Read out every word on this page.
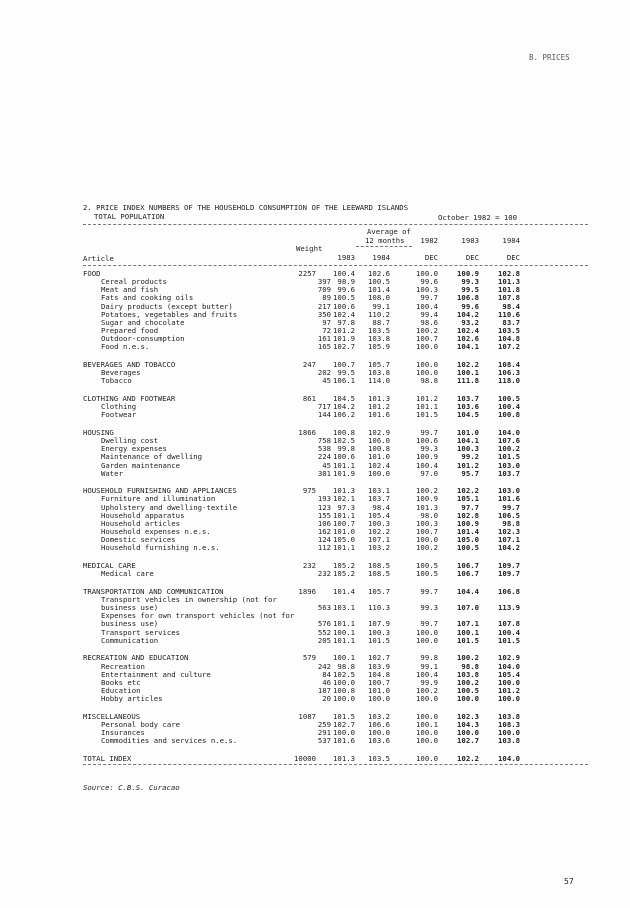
B. PRICES
2. PRICE INDEX NUMBERS OF THE HOUSEHOLD CONSUMPTION OF THE LEEWARD ISLANDS
TOTAL POPULATION	October 1982 = 100
Average of
12 months
Weight
1982	1983	1984
Article	1983 1984	DEC	DEC	DEC
FOOD	2257 100.4 102.6	100.0	100.9	102.8
Cereal products	397 98.9 100.5	99.6	99.3	101.3
Meat and fish	709 99.6 101.4	100.3	99.5	101.8
Fats and cooking oils	89 100.5 108.0	99.7	106.8	107.8
Dairy products (except butter)	217 100.6 99.1	100.4	99.6	98.4
Potatoes, vegetables and fruits	350 102.4 110.2	99.4	104.2	110.6
Sugar and chocolate	97 97.8 88.7	98.6	93.2	83.7
Prepared food	72 101.2 103.5	100.2	102.4	103.5
Outdoor-consumption	161 101.9 103.8	100.7	102.6	104.8
Food n.e.s.	165 102.7 105.9	100.0	104.1	107.2
BEVERAGES AND TOBACCO	247 100.7 105.7	100.0	102.2	108.4
Beverages	202 99.5 103.8	100.0	100.1	106.3
Tobacco	45 106.1 114.0	98.8	111.8	118.0
CLOTHING AND FOOTWEAR	861 104.5 101.3	101.2	103.7	100.5
Clothing	717 104.2 101.2	101.1	103.6	100.4
Footwear	144 106.2 101.6	101.5	104.5	100.8
HOUSING	1866 100.8 102.9	99.7	101.0	104.0
Dwelling cost	758 102.5 106.0	100.6	104.1	107.6
Energy expenses	538 99.8 100.8	99.3	100.3	100.2
Maintenance of dwelling	224 100.6 101.0	100.9	99.2	101.5
Garden maintenance	45 101.1 102.4	100.4	101.2	103.0
Water	301 101.9 100.0	97.0	95.7	103.7
HOUSEHOLD FURNISHING AND APPLIANCES	975 101.3 103.1	100.2	102.2	103.0
Furniture and illumination	193 102.1 103.7	100.9	105.1	101.6
Upholstery and dwelling-textile	123 97.3 98.4	101.3	97.7	99.7
Household apparatus	155 101.1 105.4	98.0	102.8	106.5
Household articles	106 100.7 100.3	100.3	100.9	98.8
Household expenses n.e.s.	162 101.0 102.2	100.7	101.4	102.3
Domestic services	124 105.0 107.1	100.0	105.0	107.1
Household furnishing n.e.s.	112 101.1 103.2	100.2	100.5	104.2
MEDICAL CARE	232 105.2 108.5	100.5	106.7	109.7
Medical care	232 105.2 108.5	100.5	106.7	109.7
TRANSPORTATION AND COMMUNICATION	1896 101.4 105.7	99.7	104.4	106.8
Transport vehicles in ownership (not for
business use)	563 103.1 110.3	99.3	107.0	113.9
Expenses for own transport vehicles (not for
business use)	576 101.1 107.9	99.7	107.1	107.8
Transport services	552 100.1 100.3	100.0	100.1	100.4
Communication	205 101.1 101.5	100.0	101.5	101.5
RECREATION AND EDUCATION	579 100.1 102.7	99.8	100.2	102.9
Recreation	242 98.8 103.9	99.1	98.8	104.0
Entertainment and culture	84 102.5 104.8	100.4	103.8	105.4
Books etc	46 100.0 100.7	99.9	100.2	100.0
Education	187 100.8 101.0	100.2	100.5	101.2
Hobby articles	20 100.0 100.0	100.0	100.0	100.0
MISCELLANEOUS	1087 101.5 103.2	100.0	102.3	103.8
Personal body care	259 102.7 106.6	100.1	104.3	108.3
Insurances	291 100.0 100.0	100.0	100.0	100.0
Commodities and services n.e.s.	537 101.6 103.6	100.0	102.7	103.8
TOTAL INDEX	10000 101.3 103.5	100.0	102.2	104.0
Source: C.B.S. Curacao
57
